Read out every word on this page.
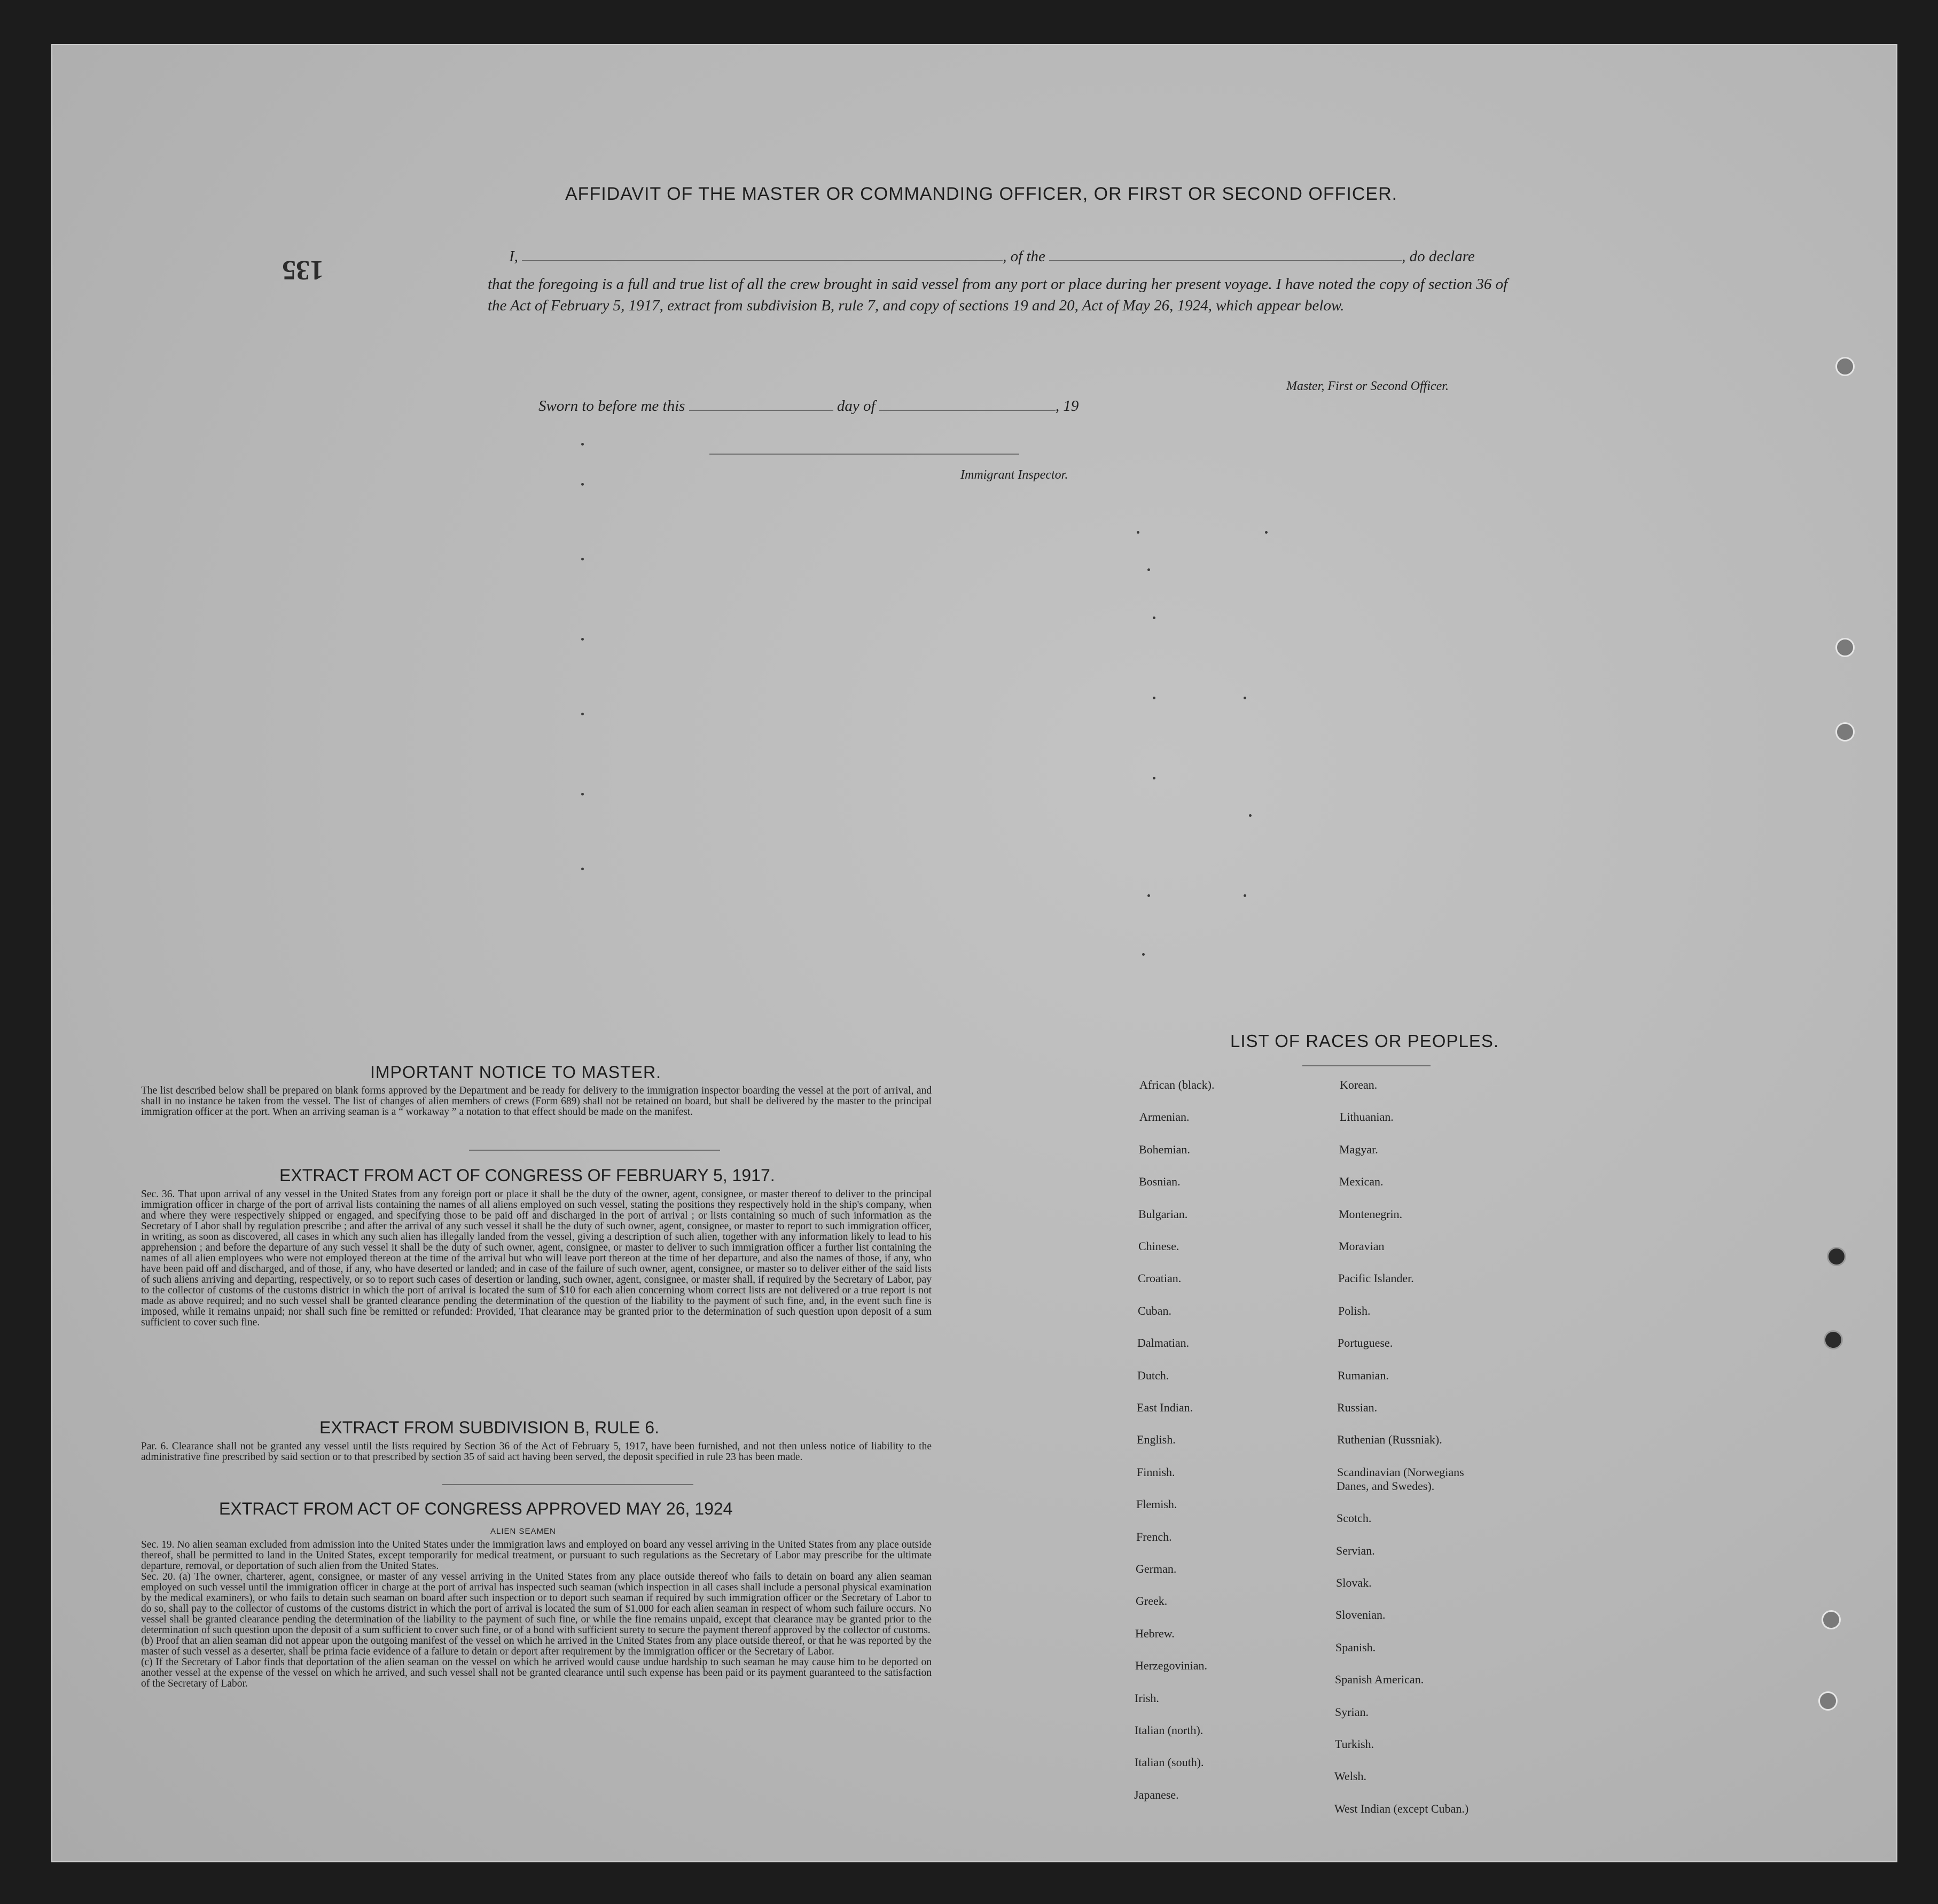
AFFIDAVIT OF THE MASTER OR COMMANDING OFFICER, OR FIRST OR SECOND OFFICER.
135	I,	, of the	, do declare
that the foregoing is a full and true list of all the crew brought in said vessel from any port or place during her present voyage. I have noted the copy of section 36 of the Act of February 5, 1917, extract from subdivision B, rule 7, and copy of sections 19 and 20, Act of May 26, 1924, which appear below.
Master, First or Second Officer.
Sworn to before me this	day of	, 19
Immigrant Inspector.
IMPORTANT NOTICE TO MASTER.
The list described below shall be prepared on blank forms approved by the Department and be ready for delivery to the immigration inspector boarding the vessel at the port of arrival, and shall in no instance be taken from the vessel. The list of changes of alien members of crews (Form 689) shall not be retained on board, but shall be delivered by the master to the principal immigration officer at the port. When an arriving seaman is a “ workaway ” a notation to that effect should be made on the manifest.
EXTRACT FROM ACT OF CONGRESS OF FEBRUARY 5, 1917.
Sec. 36. That upon arrival of any vessel in the United States from any foreign port or place it shall be the duty of the owner, agent, consignee, or master thereof to deliver to the principal immigration officer in charge of the port of arrival lists containing the names of all aliens employed on such vessel, stating the positions they respectively hold in the ship's company, when and where they were respectively shipped or engaged, and specifying those to be paid off and discharged in the port of arrival ; or lists containing so much of such information as the Secretary of Labor shall by regulation prescribe ; and after the arrival of any such vessel it shall be the duty of such owner, agent, consignee, or master to report to such immigration officer, in writing, as soon as discovered, all cases in which any such alien has illegally landed from the vessel, giving a description of such alien, together with any information likely to lead to his apprehension ; and before the departure of any such vessel it shall be the duty of such owner, agent, consignee, or master to deliver to such immigration officer a further list containing the names of all alien employees who were not employed thereon at the time of the arrival but who will leave port thereon at the time of her departure, and also the names of those, if any, who have been paid off and discharged, and of those, if any, who have deserted or landed; and in case of the failure of such owner, agent, consignee, or master so to deliver either of the said lists of such aliens arriving and departing, respectively, or so to report such cases of desertion or landing, such owner, agent, consignee, or master shall, if required by the Secretary of Labor, pay to the collector of customs of the customs district in which the port of arrival is located the sum of $10 for each alien concerning whom correct lists are not delivered or a true report is not made as above required; and no such vessel shall be granted clearance pending the determination of the question of the liability to the payment of such fine, and, in the event such fine is imposed, while it remains unpaid; nor shall such fine be remitted or refunded: Provided, That clearance may be granted prior to the determination of such question upon deposit of a sum sufficient to cover such fine.
EXTRACT FROM SUBDIVISION B, RULE 6.
Par. 6. Clearance shall not be granted any vessel until the lists required by Section 36 of the Act of February 5, 1917, have been furnished, and not then unless notice of liability to the administrative fine prescribed by said section or to that prescribed by section 35 of said act having been served, the deposit specified in rule 23 has been made.
EXTRACT FROM ACT OF CONGRESS APPROVED MAY 26, 1924
ALIEN SEAMEN
Sec. 19. No alien seaman excluded from admission into the United States under the immigration laws and employed on board any vessel arriving in the United States from any place outside thereof, shall be permitted to land in the United States, except temporarily for medical treatment, or pursuant to such regulations as the Secretary of Labor may prescribe for the ultimate departure, removal, or deportation of such alien from the United States.
Sec. 20. (a) The owner, charterer, agent, consignee, or master of any vessel arriving in the United States from any place outside thereof who fails to detain on board any alien seaman employed on such vessel until the immigration officer in charge at the port of arrival has inspected such seaman (which inspection in all cases shall include a personal physical examination by the medical examiners), or who fails to detain such seaman on board after such inspection or to deport such seaman if required by such immigration officer or the Secretary of Labor to do so, shall pay to the collector of customs of the customs district in which the port of arrival is located the sum of $1,000 for each alien seaman in respect of whom such failure occurs. No vessel shall be granted clearance pending the determination of the liability to the payment of such fine, or while the fine remains unpaid, except that clearance may be granted prior to the determination of such question upon the deposit of a sum sufficient to cover such fine, or of a bond with sufficient surety to secure the payment thereof approved by the collector of customs.
(b) Proof that an alien seaman did not appear upon the outgoing manifest of the vessel on which he arrived in the United States from any place outside thereof, or that he was reported by the master of such vessel as a deserter, shall be prima facie evidence of a failure to detain or deport after requirement by the immigration officer or the Secretary of Labor.
(c) If the Secretary of Labor finds that deportation of the alien seaman on the vessel on which he arrived would cause undue hardship to such seaman he may cause him to be deported on another vessel at the expense of the vessel on which he arrived, and such vessel shall not be granted clearance until such expense has been paid or its payment guaranteed to the satisfaction of the Secretary of Labor.
LIST OF RACES OR PEOPLES.
African (black).
Armenian.
Bohemian.
Bosnian.
Bulgarian.
Chinese.
Croatian.
Cuban.
Dalmatian.
Dutch.
East Indian.
English.
Finnish.
Flemish.
French.
German.
Greek.
Hebrew.
Herzegovinian.
Irish.
Italian (north).
Italian (south).
Japanese.
Korean.
Lithuanian.
Magyar.
Mexican.
Montenegrin.
Moravian
Pacific Islander.
Polish.
Portuguese.
Rumanian.
Russian.
Ruthenian (Russniak).
Scandinavian (Norwegians
Danes, and Swedes).
Scotch.
Servian.
Slovak.
Slovenian.
Spanish.
Spanish American.
Syrian.
Turkish.
Welsh.
West Indian (except Cuban.)
